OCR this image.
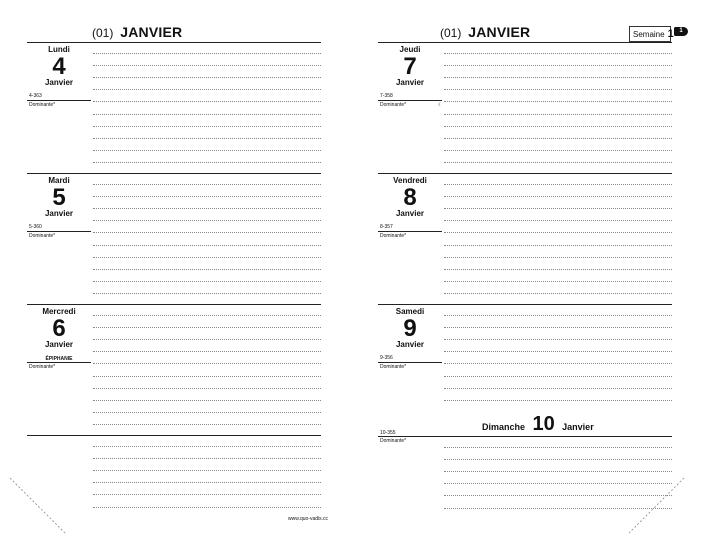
(01) JANVIER
Lundi
4
Janvier
4-363
Dominante*
Mardi
5
Janvier
5-360
Dominante*
Mercredi
6
Janvier
ÉPIPHANIE
Dominante*
www.quo-vadis.cc
(01) JANVIER	Semaine 1 1
Jeudi
7
Janvier
7-358
Dominante*	☾
Vendredi
8
Janvier
8-357
Dominante*
Samedi
9
Janvier
9-356
Dominante*
Dimanche 10 Janvier
10-355
Dominante*
